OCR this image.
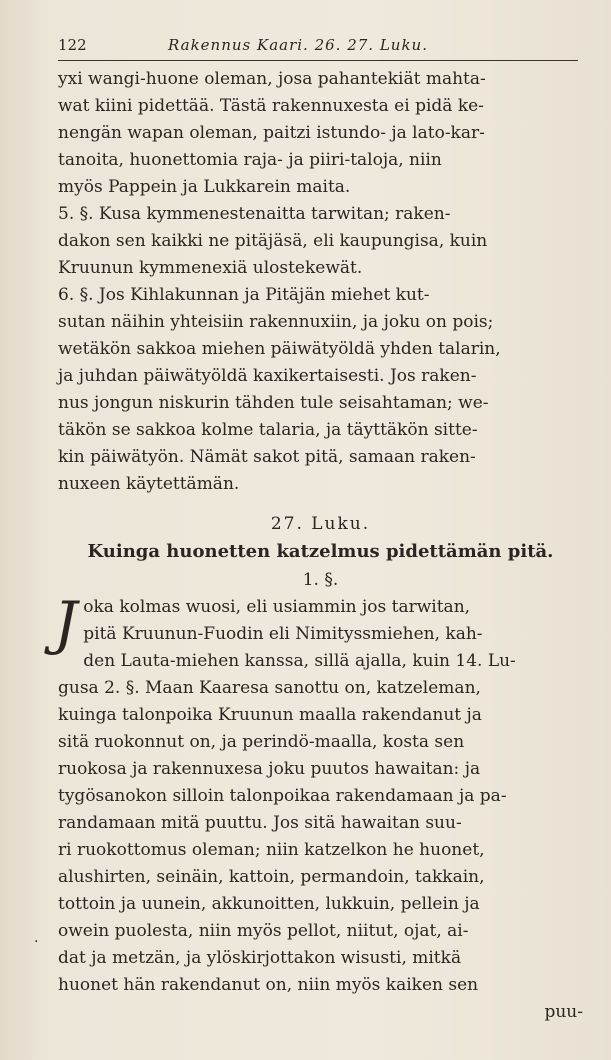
122	Rakennus Kaari. 26. 27. Luku.
yxi wangi-huone oleman, josa pahantekiät mahta-
wat kiini pidettää. Tästä rakennuxesta ei pidä ke-
nengän wapan oleman, paitzi istundo- ja lato-kar-
tanoita, huonettomia raja- ja piiri-taloja, niin
myös Pappein ja Lukkarein maita.
5. §. Kusa kymmenestenaitta tarwitan; raken-
dakon sen kaikki ne pitäjäsä, eli kaupungisa, kuin
Kruunun kymmenexiä ulostekewät.
6. §. Jos Kihlakunnan ja Pitäjän miehet kut-
sutan näihin yhteisiin rakennuxiin, ja joku on pois;
wetäkön sakkoa miehen päiwätyöldä yhden talarin,
ja juhdan päiwätyöldä kaxikertaisesti. Jos raken-
nus jongun niskurin tähden tule seisahtaman; we-
täkön se sakkoa kolme talaria, ja täyttäkön sitte-
kin päiwätyön. Nämät sakot pitä, samaan raken-
nuxeen käytettämän.
27. Luku.
Kuinga huonetten katzelmus pidettämän pitä.
1. §.
J oka kolmas wuosi, eli usiammin jos tarwitan,
pitä Kruunun-Fuodin eli Nimityssmiehen, kah-
den Lauta-miehen kanssa, sillä ajalla, kuin 14. Lu-
gusa 2. §. Maan Kaaresa sanottu on, katzeleman,
kuinga talonpoika Kruunun maalla rakendanut ja
sitä ruokonnut on, ja perindö-maalla, kosta sen
ruokosa ja rakennuxesa joku puutos hawaitan: ja
tygösanokon silloin talonpoikaa rakendamaan ja pa-
randamaan mitä puuttu. Jos sitä hawaitan suu-
ri ruokottomus oleman; niin katzelkon he huonet,
alushirten, seinäin, kattoin, permandoin, takkain,
tottoin ja uunein, akkunoitten, lukkuin, pellein ja
owein puolesta, niin myös pellot, niitut, ojat, ai-
dat ja metzän, ja ylöskirjottakon wisusti, mitkä
huonet hän rakendanut on, niin myös kaiken sen
puu-
.
